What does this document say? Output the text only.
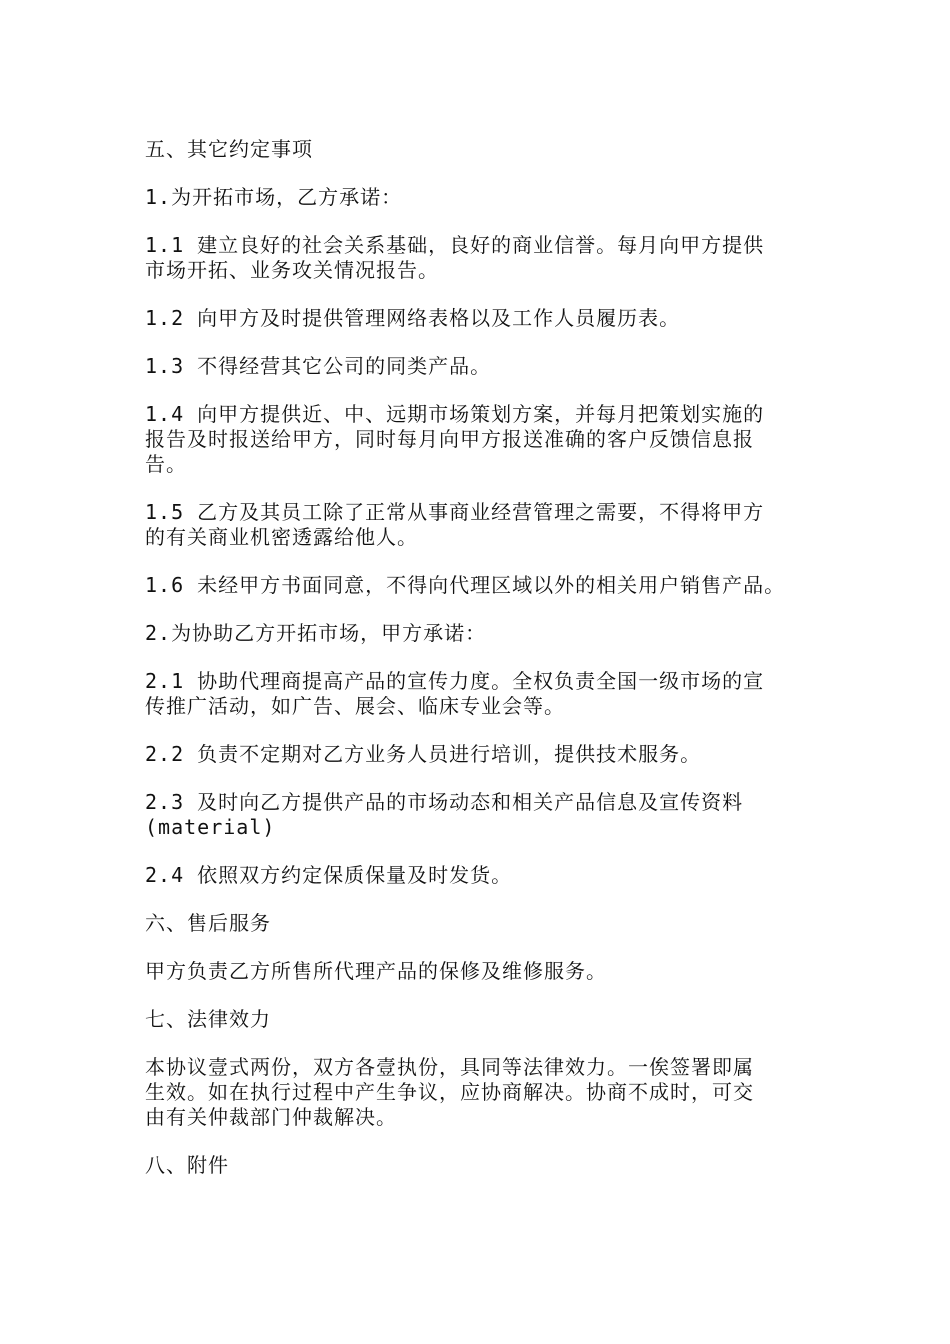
五、其它约定事项
1.为开拓市场，乙方承诺：
1.1 建立良好的社会关系基础，良好的商业信誉。每月向甲方提供
市场开拓、业务攻关情况报告。
1.2 向甲方及时提供管理网络表格以及工作人员履历表。
1.3 不得经营其它公司的同类产品。
1.4 向甲方提供近、中、远期市场策划方案，并每月把策划实施的
报告及时报送给甲方，同时每月向甲方报送准确的客户反馈信息报
告。
1.5 乙方及其员工除了正常从事商业经营管理之需要，不得将甲方
的有关商业机密透露给他人。
1.6 未经甲方书面同意，不得向代理区域以外的相关用户销售产品。
2.为协助乙方开拓市场，甲方承诺：
2.1 协助代理商提高产品的宣传力度。全权负责全国一级市场的宣
传推广活动，如广告、展会、临床专业会等。
2.2 负责不定期对乙方业务人员进行培训，提供技术服务。
2.3 及时向乙方提供产品的市场动态和相关产品信息及宣传资料
(material)
2.4 依照双方约定保质保量及时发货。
六、售后服务
甲方负责乙方所售所代理产品的保修及维修服务。
七、法律效力
本协议壹式两份，双方各壹执份，具同等法律效力。一俟签署即属
生效。如在执行过程中产生争议，应协商解决。协商不成时，可交
由有关仲裁部门仲裁解决。
八、附件
